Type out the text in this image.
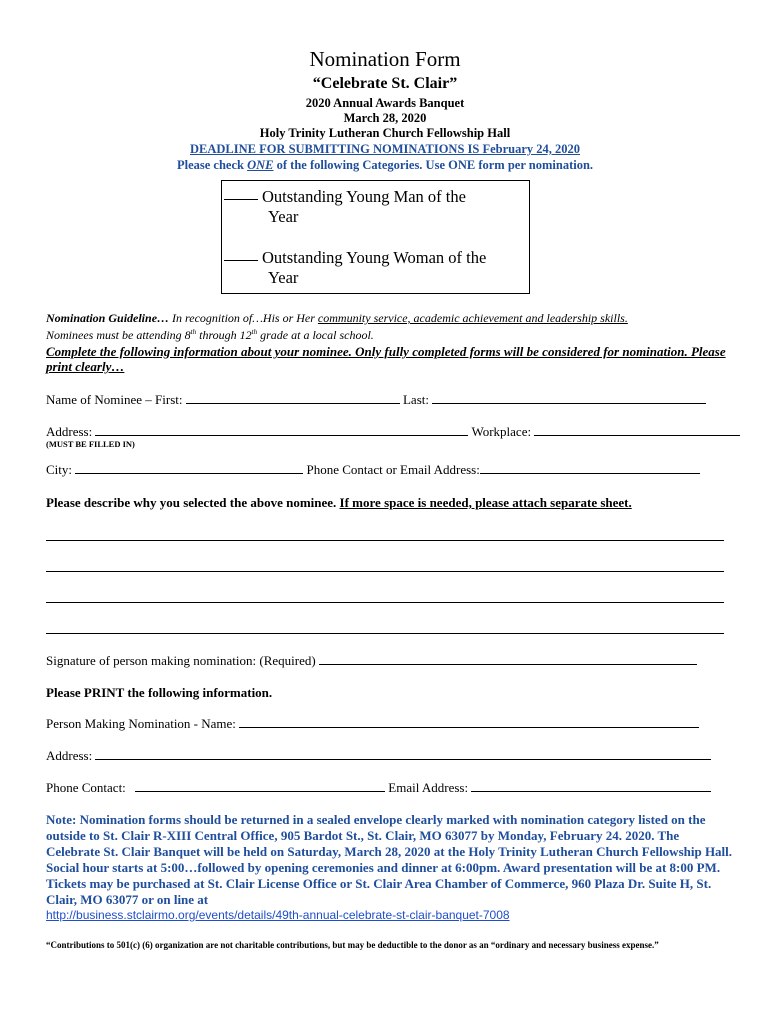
Nomination Form
“Celebrate St. Clair”
2020 Annual Awards Banquet
March 28, 2020
Holy Trinity Lutheran Church Fellowship Hall
DEADLINE FOR SUBMITTING NOMINATIONS IS February 24, 2020
Please check ONE of the following Categories. Use ONE form per nomination.
Outstanding Young Man of the
Year
Outstanding Young Woman of the
Year
Nomination Guideline… In recognition of…His or Her community service, academic achievement and leadership skills.
Nominees must be attending 8th through 12th grade at a local school.
Complete the following information about your nominee. Only fully completed forms will be considered for nomination. Please print clearly…
Name of Nominee – First:	Last:
Address:	Workplace:
(MUST BE FILLED IN)
City:	Phone Contact or Email Address:
Please describe why you selected the above nominee. If more space is needed, please attach separate sheet.
Signature of person making nomination: (Required)
Please PRINT the following information.
Person Making Nomination - Name:
Address:
Phone Contact:	Email Address:
Note: Nomination forms should be returned in a sealed envelope clearly marked with nomination category listed on the outside to St. Clair R-XIII Central Office, 905 Bardot St., St. Clair, MO 63077 by Monday, February 24. 2020. The Celebrate St. Clair Banquet will be held on Saturday, March 28, 2020 at the Holy Trinity Lutheran Church Fellowship Hall. Social hour starts at 5:00…followed by opening ceremonies and dinner at 6:00pm. Award presentation will be at 8:00 PM. Tickets may be purchased at St. Clair License Office or St. Clair Area Chamber of Commerce, 960 Plaza Dr. Suite H, St. Clair, MO 63077 or on line at
http://business.stclairmo.org/events/details/49th-annual-celebrate-st-clair-banquet-7008
“Contributions to 501(c) (6) organization are not charitable contributions, but may be deductible to the donor as an “ordinary and necessary business expense.”
